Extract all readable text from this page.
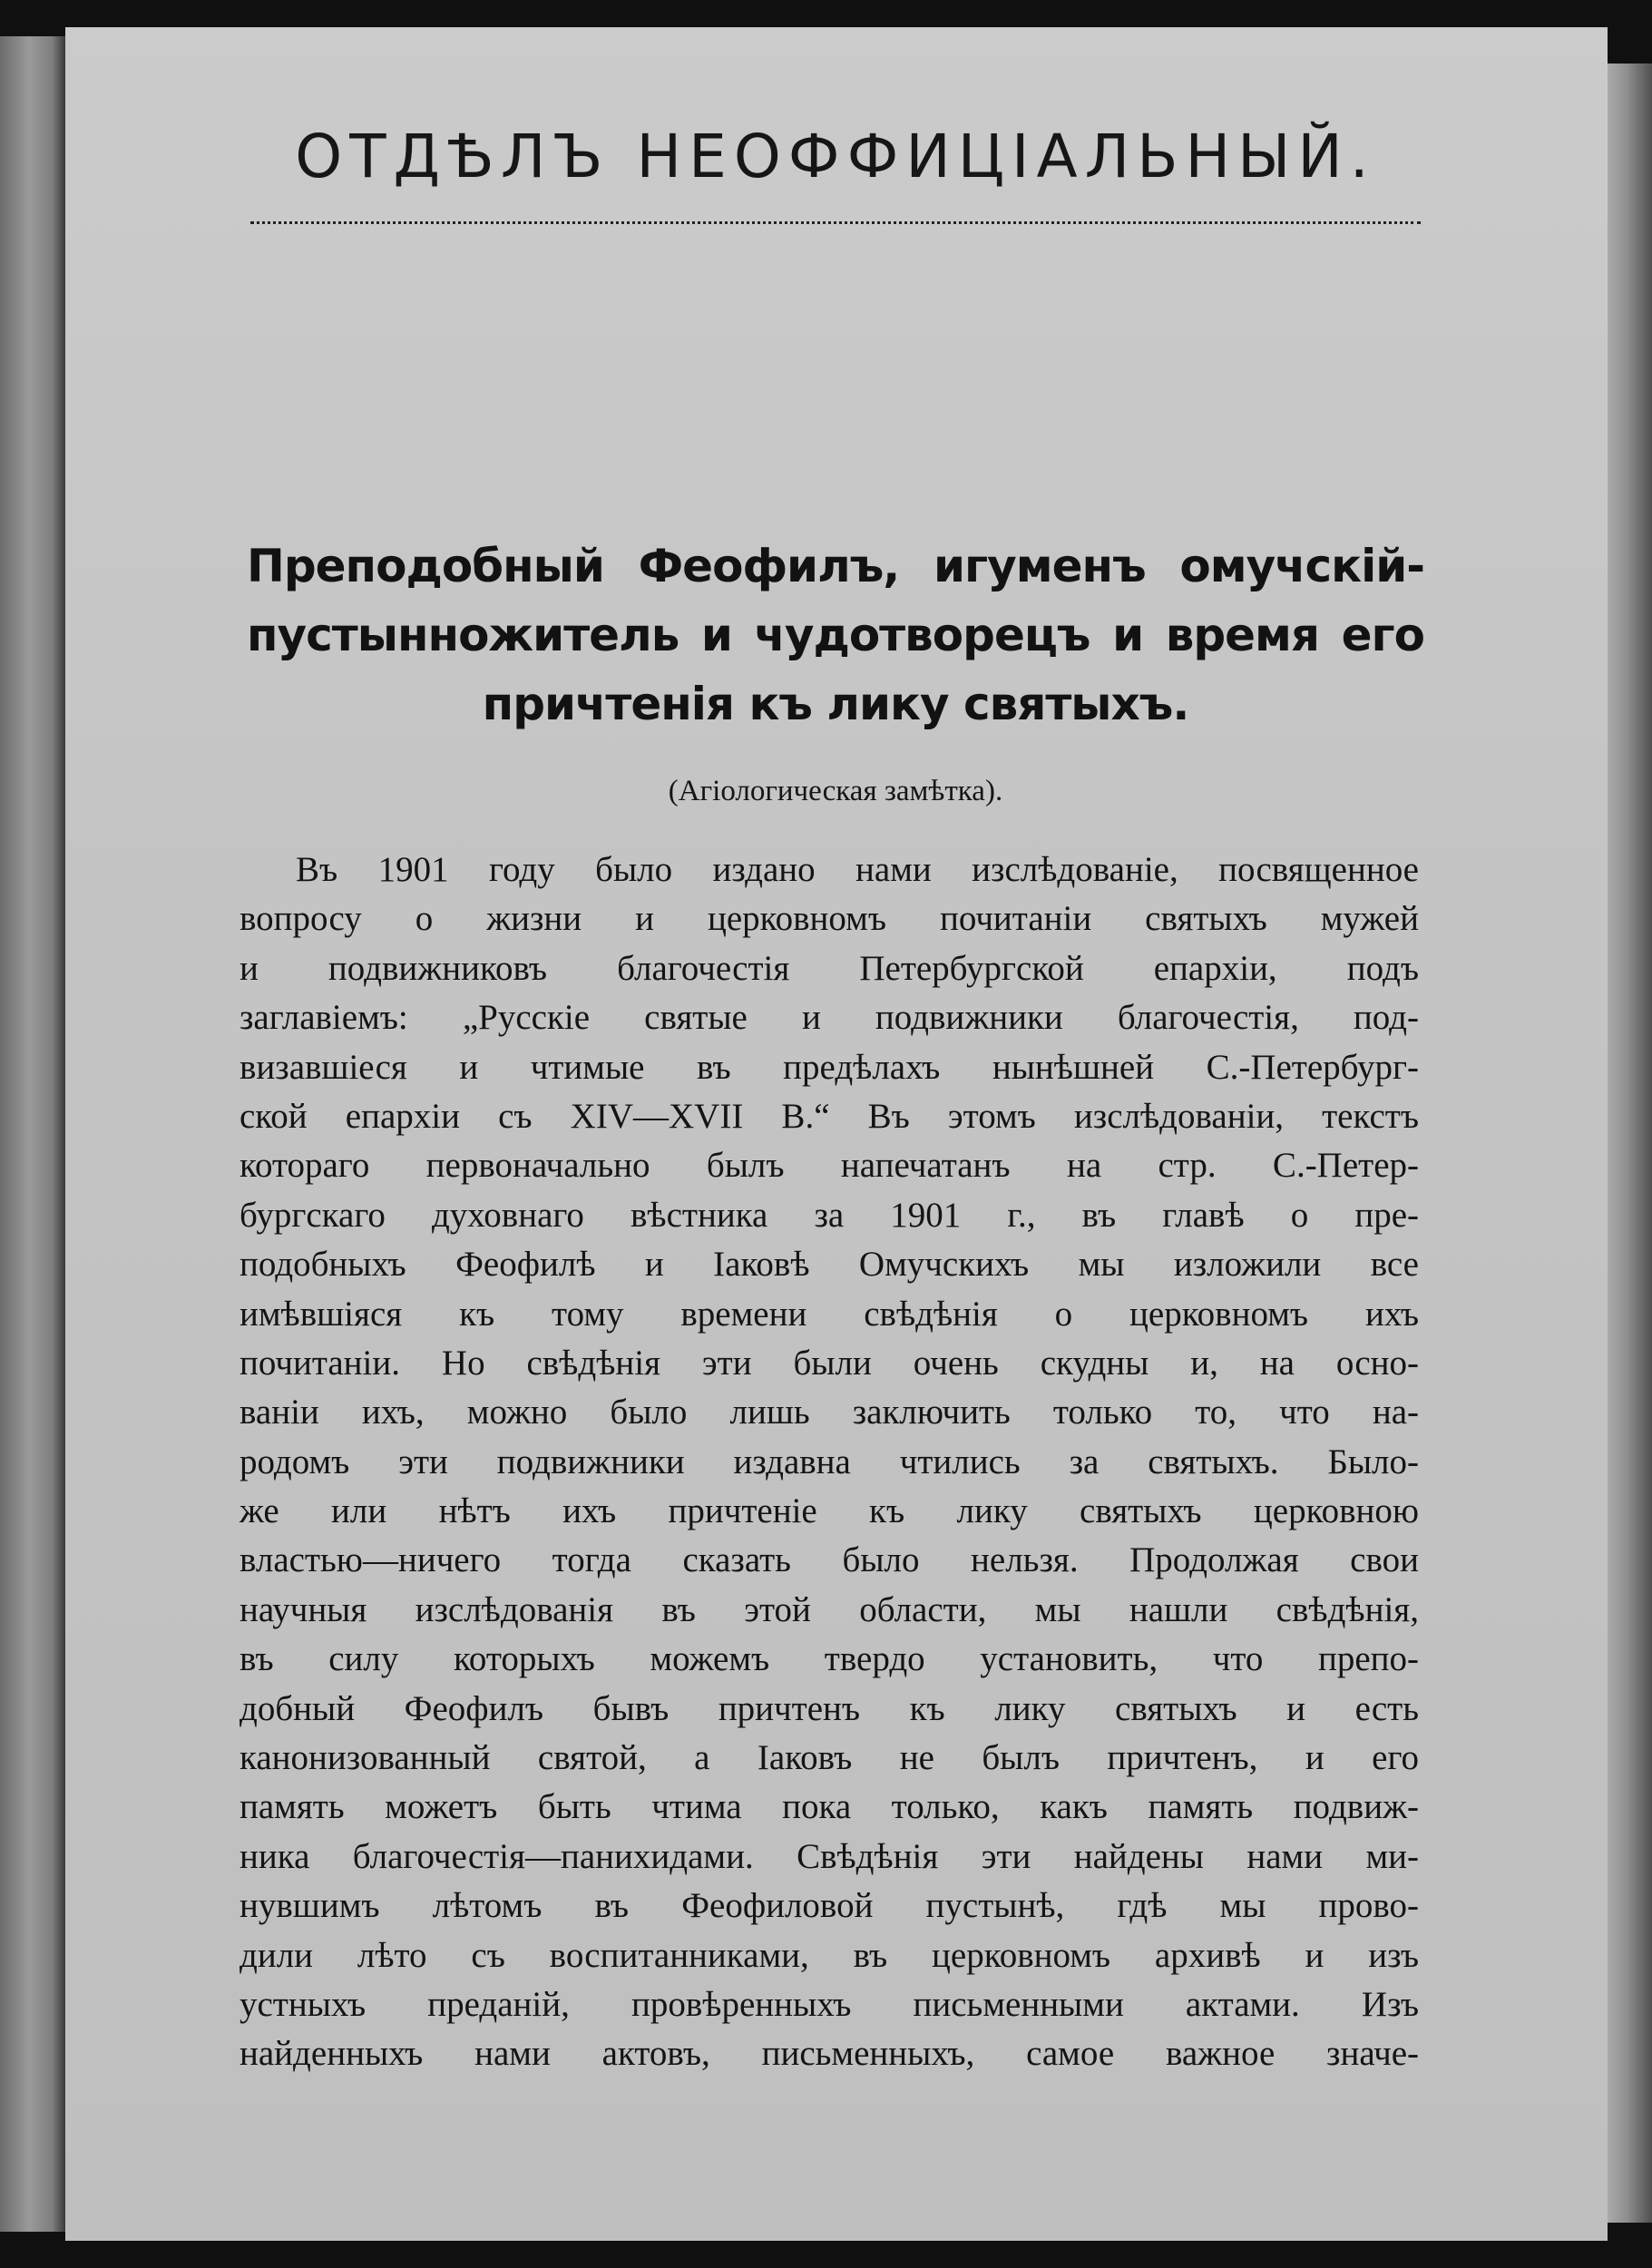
ОТДѢЛЪ НЕОФФИЦІАЛЬНЫЙ.
Преподобный Феофилъ, игуменъ омучскій-пустынножитель и чудотворецъ и время его причтенія къ лику святыхъ.
(Агіологическая замѣтка).
Въ 1901 году было издано нами изслѣдованіе, посвященное
вопросу о жизни и церковномъ почитаніи святыхъ мужей
и подвижниковъ благочестія Петербургской епархіи, подъ
заглавіемъ: „Русскіе святые и подвижники благочестія, под-
визавшіеся и чтимые въ предѣлахъ нынѣшней С.-Петербург-
ской епархіи съ XIV—XVII В.“ Въ этомъ изслѣдованіи, текстъ
котораго первоначально былъ напечатанъ на стр. С.-Петер-
бургскаго духовнаго вѣстника за 1901 г., въ главѣ о пре-
подобныхъ Феофилѣ и Іаковѣ Омучскихъ мы изложили все
имѣвшіяся къ тому времени свѣдѣнія о церковномъ ихъ
почитаніи. Но свѣдѣнія эти были очень скудны и, на осно-
ваніи ихъ, можно было лишь заключить только то, что на-
родомъ эти подвижники издавна чтились за святыхъ. Было-
же или нѣтъ ихъ причтеніе къ лику святыхъ церковною
властью—ничего тогда сказать было нельзя. Продолжая свои
научныя изслѣдованія въ этой области, мы нашли свѣдѣнія,
въ силу которыхъ можемъ твердо установить, что препо-
добный Феофилъ бывъ причтенъ къ лику святыхъ и есть
канонизованный святой, а Іаковъ не былъ причтенъ, и его
память можетъ быть чтима пока только, какъ память подвиж-
ника благочестія—панихидами. Свѣдѣнія эти найдены нами ми-
нувшимъ лѣтомъ въ Феофиловой пустынѣ, гдѣ мы прово-
дили лѣто съ воспитанниками, въ церковномъ архивѣ и изъ
устныхъ преданій, провѣренныхъ письменными актами. Изъ
найденныхъ нами актовъ, письменныхъ, самое важное значе-
